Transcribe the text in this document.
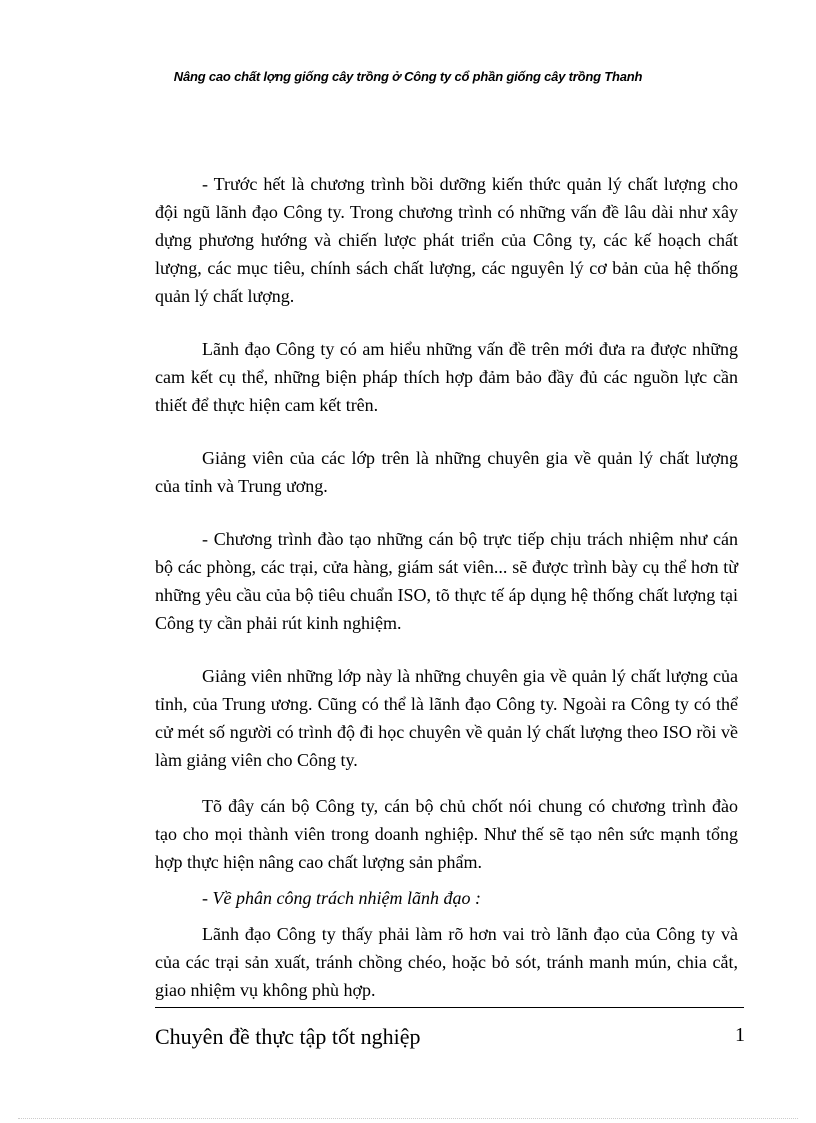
Nâng cao chất lợng giống cây trồng ở Công ty cổ phần giống cây trồng Thanh

- Trước hết là chương trình bồi dưỡng kiến thức quản lý chất lượng cho đội ngũ lãnh đạo Công ty. Trong chương trình có những vấn đề lâu dài như xây dựng phương hướng và chiến lược phát triển của Công ty, các kế hoạch chất lượng, các mục tiêu, chính sách chất lượng, các nguyên lý cơ bản của hệ thống quản lý chất lượng.

Lãnh đạo Công ty có am hiểu những vấn đề trên mới đưa ra được những cam kết cụ thể, những biện pháp thích hợp đảm bảo đầy đủ các nguồn lực cần thiết để thực hiện cam kết trên.

Giảng viên của các lớp trên là những chuyên gia về quản lý chất lượng của tỉnh và Trung ương.

- Chương trình đào tạo những cán bộ trực tiếp chịu trách nhiệm như cán bộ các phòng, các trại, cửa hàng, giám sát viên... sẽ được trình bày cụ thể hơn từ những yêu cầu của bộ tiêu chuẩn ISO, tõ thực tế áp dụng hệ thống chất lượng tại Công ty cần phải rút kinh nghiệm.

Giảng viên những lớp này là những chuyên gia về quản lý chất lượng của tỉnh, của Trung ương. Cũng có thể là lãnh đạo Công ty. Ngoài ra Công ty có thể cử mét số người có trình độ đi học chuyên về quản lý chất lượng theo ISO rồi về làm giảng viên cho Công ty.

Tõ đây cán bộ Công ty, cán bộ chủ chốt nói chung có chương trình đào tạo cho mọi thành viên trong doanh nghiệp. Như thế sẽ tạo nên sức mạnh tổng hợp thực hiện nâng cao chất lượng sản phẩm.

- Về phân công trách nhiệm lãnh đạo :

Lãnh đạo Công ty thấy phải làm rõ hơn vai trò lãnh đạo của Công ty và của các trại sản xuất, tránh chồng chéo, hoặc bỏ sót, tránh manh mún, chia cắt, giao nhiệm vụ không phù hợp.

Chuyên đề thực tập tốt nghiệp	1
